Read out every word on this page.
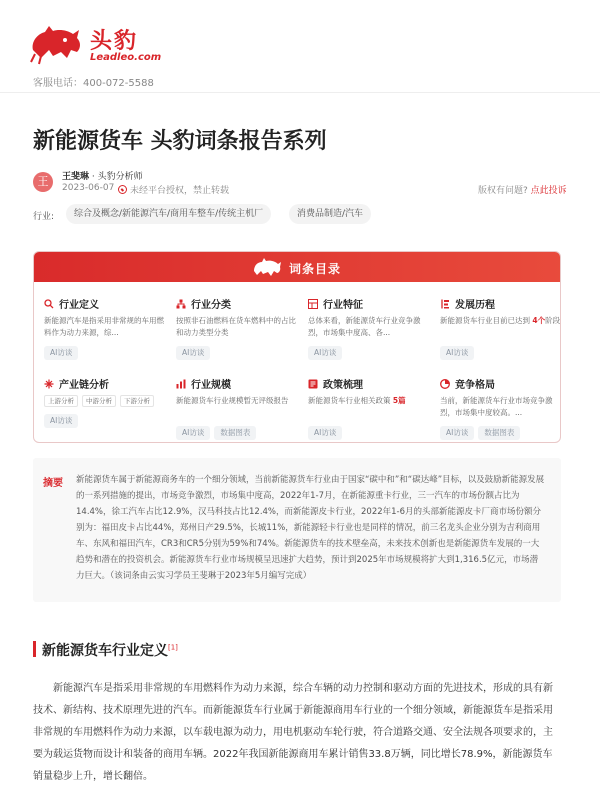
头豹
Leadleo.com
客服电话：400-072-5588
新能源货车 头豹词条报告系列
王	王斐琳 · 头豹分析师
2023-06-07 未经平台授权，禁止转载	版权有问题? 点此投诉
行业:	综合及概念/新能源汽车/商用车整车/传统主机厂	消费品制造/汽车
词条目录
行业定义
新能源汽车是指采用非常规的车用燃料作为动力来源，综...
AI访谈
行业分类
按照非石油燃料在货车燃料中的占比和动力类型分类
AI访谈
行业特征
总体来看，新能源货车行业竞争激烈，市场集中度高、各...
AI访谈
发展历程
新能源货车行业目前已达到 4个阶段
AI访谈
产业链分析
上游分析	中游分析	下游分析
AI访谈
行业规模
新能源货车行业规模暂无评级报告
AI访谈	数据图表
政策梳理
新能源货车行业相关政策 5篇
AI访谈
竞争格局
当前，新能源货车行业市场竞争激烈，市场集中度较高。...
AI访谈	数据图表
摘要 新能源货车属于新能源商务车的一个细分领域，当前新能源货车行业由于国家“碳中和”和“碳达峰”目标，以及鼓励新能源发展的一系列措施的提出，市场竞争激烈，市场集中度高，2022年1-7月，在新能源重卡行业，三一汽车的市场份额占比为14.4%，徐工汽车占比12.9%，汉马科技占比12.4%，而新能源皮卡行业，2022年1-6月的头部新能源皮卡厂商市场份额分别为：福田皮卡占比44%，郑州日产29.5%，长城11%，新能源轻卡行业也是同样的情况，前三名龙头企业分别为吉利商用车、东风和福田汽车，CR3和CR5分别为59%和74%。新能源货车的技术壁垒高，未来技术创新也是新能源货车发展的一大趋势和潜在的投资机会。新能源货车行业市场规模呈迅速扩大趋势，预计到2025年市场规模将扩大到1,316.5亿元，市场潜力巨大。（该词条由云实习学员王斐琳于2023年5月编写完成）
新能源货车行业定义[1]
新能源汽车是指采用非常规的车用燃料作为动力来源，综合车辆的动力控制和驱动方面的先进技术，形成的具有新技术、新结构、技术原理先进的汽车。而新能源货车行业属于新能源商用车行业的一个细分领域，新能源货车是指采用非常规的车用燃料作为动力来源，以车载电源为动力，用电机驱动车轮行驶，符合道路交通、安全法规各项要求的，主要为载运货物而设计和装备的商用车辆。2022年我国新能源商用车累计销售33.8万辆，同比增长78.9%，新能源货车销量稳步上升，增长翻倍。
